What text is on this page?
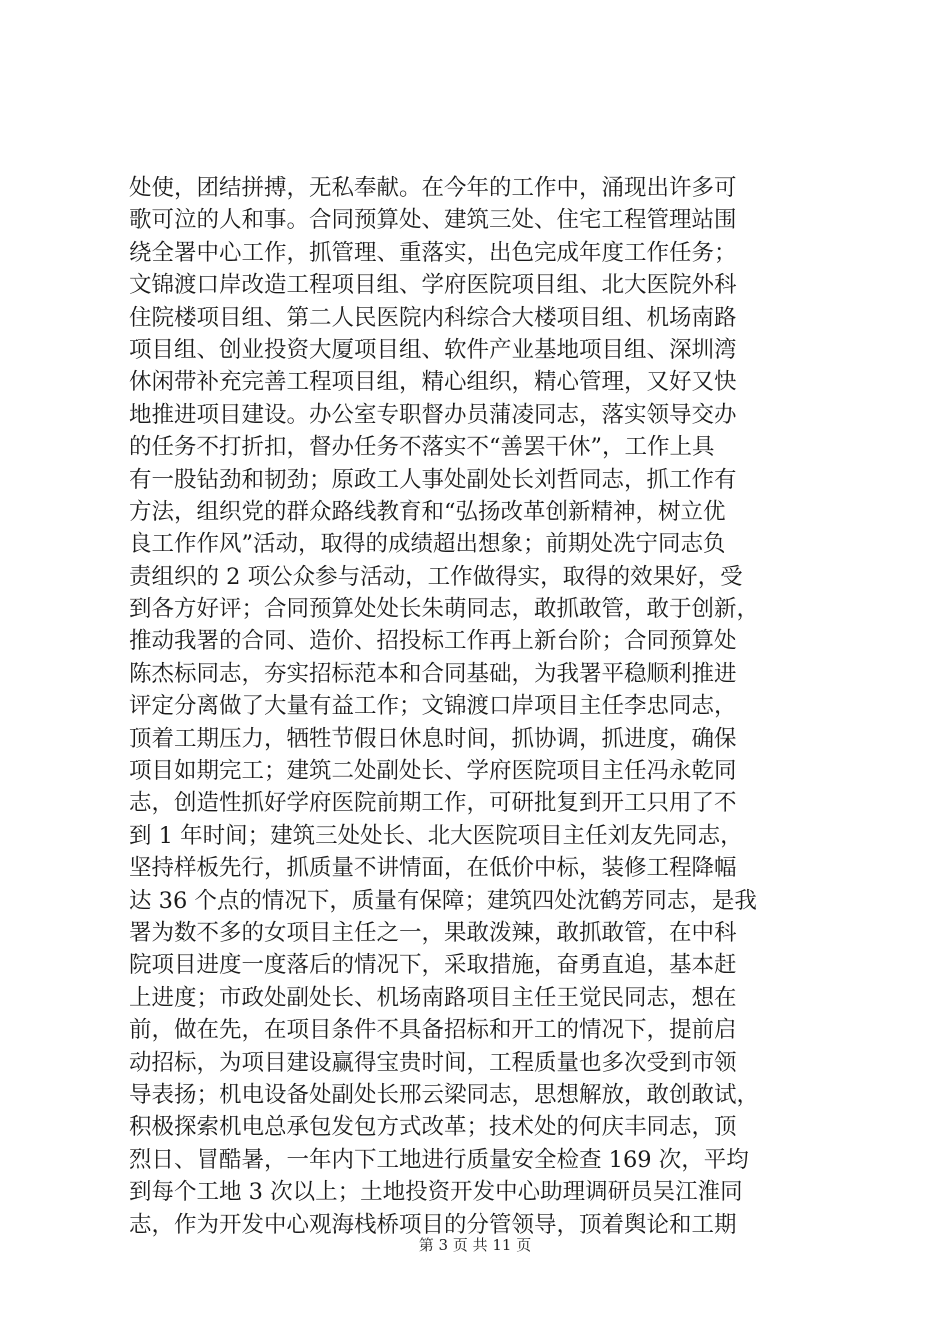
处使，团结拼搏，无私奉献。在今年的工作中，涌现出许多可
歌可泣的人和事。合同预算处、建筑三处、住宅工程管理站围
绕全署中心工作，抓管理、重落实，出色完成年度工作任务；
文锦渡口岸改造工程项目组、学府医院项目组、北大医院外科
住院楼项目组、第二人民医院内科综合大楼项目组、机场南路
项目组、创业投资大厦项目组、软件产业基地项目组、深圳湾
休闲带补充完善工程项目组，精心组织，精心管理，又好又快
地推进项目建设。办公室专职督办员蒲凌同志，落实领导交办
的任务不打折扣，督办任务不落实不“善罢干休”，工作上具
有一股钻劲和韧劲；原政工人事处副处长刘哲同志，抓工作有
方法，组织党的群众路线教育和“弘扬改革创新精神，树立优
良工作作风”活动，取得的成绩超出想象；前期处冼宁同志负
责组织的 2 项公众参与活动，工作做得实，取得的效果好，受
到各方好评；合同预算处处长朱萌同志，敢抓敢管，敢于创新，
推动我署的合同、造价、招投标工作再上新台阶；合同预算处
陈杰标同志，夯实招标范本和合同基础，为我署平稳顺利推进
评定分离做了大量有益工作；文锦渡口岸项目主任李忠同志，
顶着工期压力，牺牲节假日休息时间，抓协调，抓进度，确保
项目如期完工；建筑二处副处长、学府医院项目主任冯永乾同
志，创造性抓好学府医院前期工作，可研批复到开工只用了不
到 1 年时间；建筑三处处长、北大医院项目主任刘友先同志，
坚持样板先行，抓质量不讲情面，在低价中标，装修工程降幅
达 36 个点的情况下，质量有保障；建筑四处沈鹤芳同志，是我
署为数不多的女项目主任之一，果敢泼辣，敢抓敢管，在中科
院项目进度一度落后的情况下，采取措施，奋勇直追，基本赶
上进度；市政处副处长、机场南路项目主任王觉民同志，想在
前，做在先，在项目条件不具备招标和开工的情况下，提前启
动招标，为项目建设赢得宝贵时间，工程质量也多次受到市领
导表扬；机电设备处副处长邢云梁同志，思想解放，敢创敢试，
积极探索机电总承包发包方式改革；技术处的何庆丰同志，顶
烈日、冒酷暑，一年内下工地进行质量安全检查 169 次，平均
到每个工地 3 次以上；土地投资开发中心助理调研员吴江淮同
志，作为开发中心观海栈桥项目的分管领导，顶着舆论和工期
第 3 页 共 11 页
